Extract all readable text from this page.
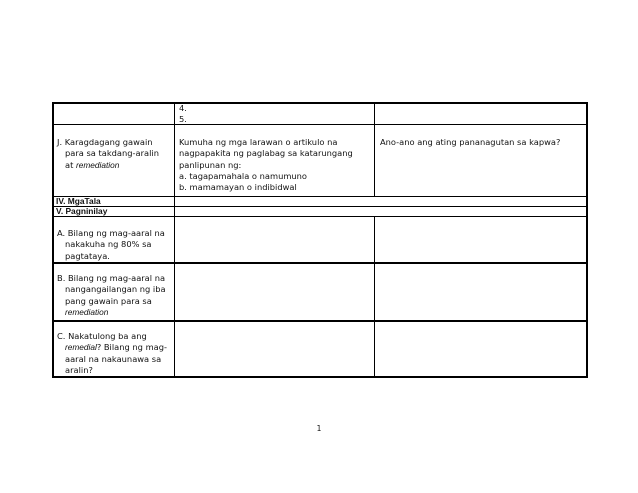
4.
5.
J. Karagdagang gawain
para sa takdang-aralin
at remediation
Kumuha ng mga larawan o artikulo na
nagpapakita ng paglabag sa katarungang
panlipunan ng:
a. tagapamahala o namumuno
b. mamamayan o indibidwal
Ano-ano ang ating pananagutan sa kapwa?
IV. MgaTala
V. Pagninilay
A. Bilang ng mag-aaral na
nakakuha ng 80% sa
pagtataya.
B. Bilang ng mag-aaral na
nangangailangan ng iba
pang gawain para sa
remediation
C. Nakatulong ba ang
remedial? Bilang ng mag-
aaral na nakaunawa sa
aralin?
1
